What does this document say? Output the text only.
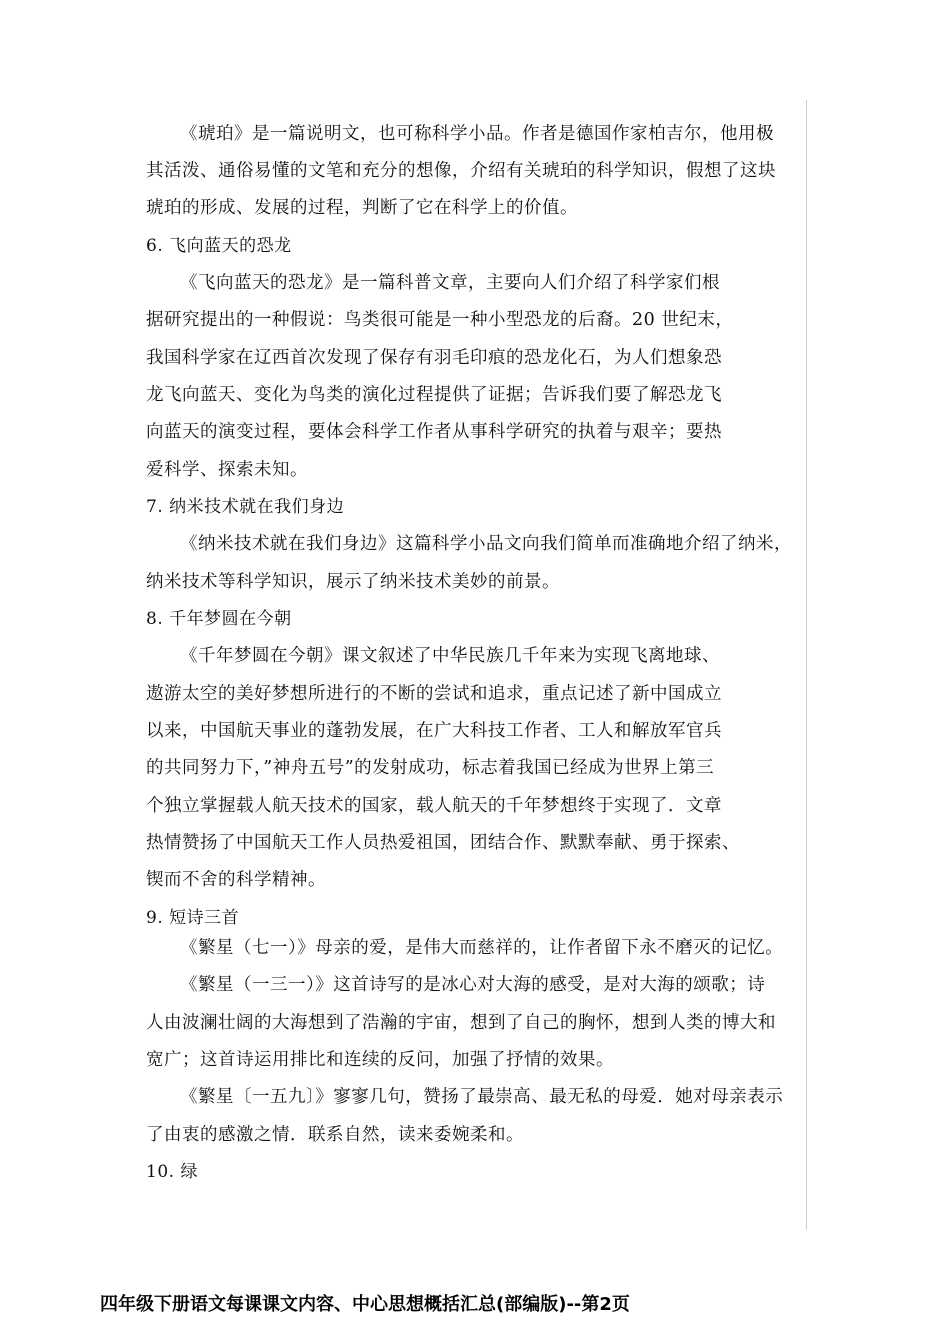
《琥珀》是一篇说明文，也可称科学小品。作者是德国作家柏吉尔，他用极
其活泼、通俗易懂的文笔和充分的想像，介绍有关琥珀的科学知识，假想了这块
琥珀的形成、发展的过程，判断了它在科学上的价值。
6. 飞向蓝天的恐龙
《飞向蓝天的恐龙》是一篇科普文章，主要向人们介绍了科学家们根
据研究提出的一种假说：鸟类很可能是一种小型恐龙的后裔。20 世纪末，
我国科学家在辽西首次发现了保存有羽毛印痕的恐龙化石，为人们想象恐
龙飞向蓝天、变化为鸟类的演化过程提供了证据；告诉我们要了解恐龙飞
向蓝天的演变过程，要体会科学工作者从事科学研究的执着与艰辛；要热
爱科学、探索未知。
7. 纳米技术就在我们身边
《纳米技术就在我们身边》这篇科学小品文向我们简单而准确地介绍了纳米，
纳米技术等科学知识，展示了纳米技术美妙的前景。
8. 千年梦圆在今朝
《千年梦圆在今朝》课文叙述了中华民族几千年来为实现飞离地球、
遨游太空的美好梦想所进行的不断的尝试和追求，重点记述了新中国成立
以来，中国航天事业的蓬勃发展，在广大科技工作者、工人和解放军官兵
的共同努力下，”神舟五号”的发射成功，标志着我国已经成为世界上第三
个独立掌握载人航天技术的国家，载人航天的千年梦想终于实现了．文章
热情赞扬了中国航天工作人员热爱祖国，团结合作、默默奉献、勇于探索、
锲而不舍的科学精神。
9. 短诗三首
《繁星（七一）》母亲的爱，是伟大而慈祥的，让作者留下永不磨灭的记忆。
《繁星（一三一）》这首诗写的是冰心对大海的感受，是对大海的颂歌；诗
人由波澜壮阔的大海想到了浩瀚的宇宙，想到了自己的胸怀，想到人类的博大和
宽广；这首诗运用排比和连续的反问，加强了抒情的效果。
《繁星〔一五九〕》寥寥几句，赞扬了最崇高、最无私的母爱．她对母亲表示
了由衷的感激之情．联系自然，读来委婉柔和。
10. 绿
四年级下册语文每课课文内容、中心思想概括汇总(部编版)--第2页
